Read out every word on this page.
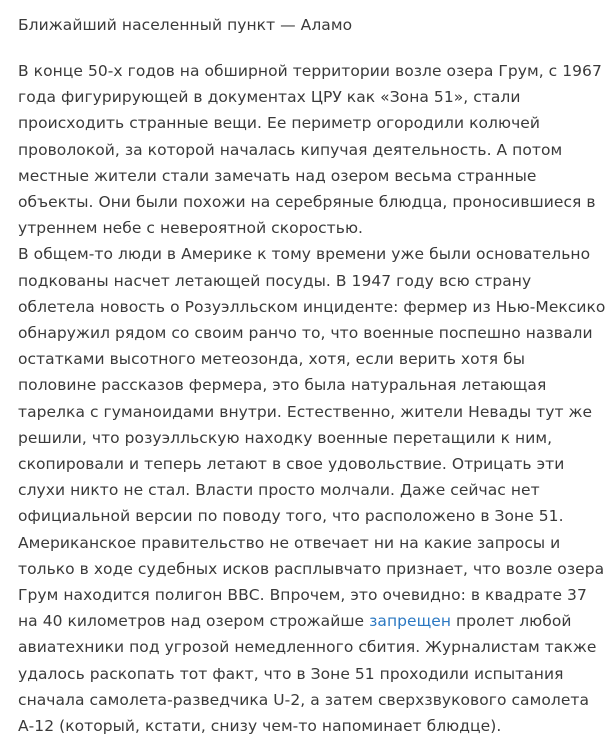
Ближайший населенный пункт — Аламо

В конце 50-х годов на обширной территории возле озера Грум, с 1967 года фигурирующей в документах ЦРУ как «Зона 51», стали происходить странные вещи. Ее периметр огородили колючей проволокой, за которой началась кипучая деятельность. А потом местные жители стали замечать над озером весьма странные объекты. Они были похожи на серебряные блюдца, проносившиеся в утреннем небе с невероятной скоростью.

В общем-то люди в Америке к тому времени уже были основательно подкованы насчет летающей посуды. В 1947 году всю страну облетела новость о Розуэлльском инциденте: фермер из Нью-Мексико обнаружил рядом со своим ранчо то, что военные поспешно назвали остатками высотного метеозонда, хотя, если верить хотя бы половине рассказов фермера, это была натуральная летающая тарелка с гуманоидами внутри. Естественно, жители Невады тут же решили, что розуэлльскую находку военные перетащили к ним, скопировали и теперь летают в свое удовольствие. Отрицать эти слухи никто не стал. Власти просто молчали. Даже сейчас нет официальной версии по поводу того, что расположено в Зоне 51. Американское правительство не отвечает ни на какие запросы и только в ходе судебных исков расплывчато признает, что возле озера Грум находится полигон ВВС. Впрочем, это очевидно: в квадрате 37 на 40 километров над озером строжайше запрещен пролет любой авиатехники под угрозой немедленного сбития. Журналистам также удалось раскопать тот факт, что в Зоне 51 проходили испытания сначала самолета-разведчика U-2, а затем сверхзвукового самолета А-12 (который, кстати, снизу чем-то напоминает блюдце).
